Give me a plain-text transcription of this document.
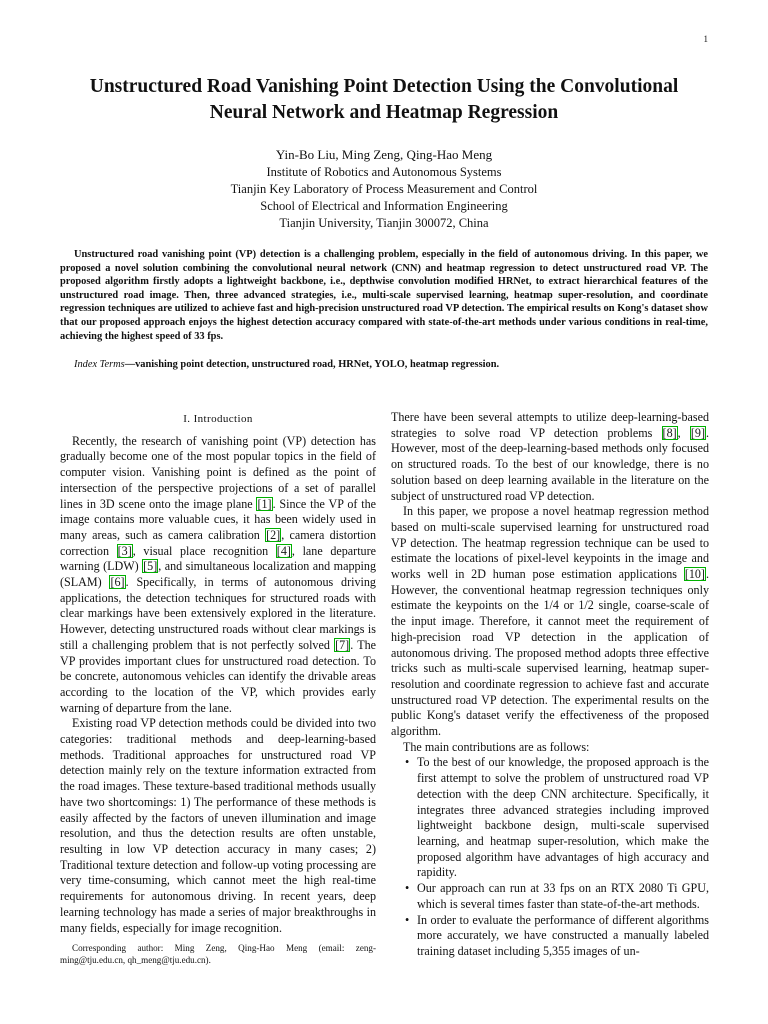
1
Unstructured Road Vanishing Point Detection Using the Convolutional Neural Network and Heatmap Regression
Yin-Bo Liu, Ming Zeng, Qing-Hao Meng
Institute of Robotics and Autonomous Systems
Tianjin Key Laboratory of Process Measurement and Control
School of Electrical and Information Engineering
Tianjin University, Tianjin 300072, China
Unstructured road vanishing point (VP) detection is a challenging problem, especially in the field of autonomous driving. In this paper, we proposed a novel solution combining the convolutional neural network (CNN) and heatmap regression to detect unstructured road VP. The proposed algorithm firstly adopts a lightweight backbone, i.e., depthwise convolution modified HRNet, to extract hierarchical features of the unstructured road image. Then, three advanced strategies, i.e., multi-scale supervised learning, heatmap super-resolution, and coordinate regression techniques are utilized to achieve fast and high-precision unstructured road VP detection. The empirical results on Kong's dataset show that our proposed approach enjoys the highest detection accuracy compared with state-of-the-art methods under various conditions in real-time, achieving the highest speed of 33 fps.
Index Terms—vanishing point detection, unstructured road, HRNet, YOLO, heatmap regression.
I. Introduction

Recently, the research of vanishing point (VP) detection has gradually become one of the most popular topics in the field of computer vision. Vanishing point is defined as the point of intersection of the perspective projections of a set of parallel lines in 3D scene onto the image plane [1]. Since the VP of the image contains more valuable cues, it has been widely used in many areas, such as camera calibration [2], camera distortion correction [3], visual place recognition [4], lane departure warning (LDW) [5], and simultaneous localization and mapping (SLAM) [6]. Specifically, in terms of autonomous driving applications, the detection techniques for structured roads with clear markings have been extensively explored in the literature. However, detecting unstructured roads without clear markings is still a challenging problem that is not perfectly solved [7]. The VP provides important clues for unstructured road detection. To be concrete, autonomous vehicles can identify the drivable areas according to the location of the VP, which provides early warning of departure from the lane.

Existing road VP detection methods could be divided into two categories: traditional methods and deep-learning-based methods. Traditional approaches for unstructured road VP detection mainly rely on the texture information extracted from the road images. These texture-based traditional methods usually have two shortcomings: 1) The performance of these methods is easily affected by the factors of uneven illumination and image resolution, and thus the detection results are often unstable, resulting in low VP detection accuracy in many cases; 2) Traditional texture detection and follow-up voting processing are very time-consuming, which cannot meet the high real-time requirements for autonomous driving. In recent years, deep learning technology has made a series of major breakthroughs in many fields, especially for image recognition.

There have been several attempts to utilize deep-learning-based strategies to solve road VP detection problems [8], [9]. However, most of the deep-learning-based methods only focused on structured roads. To the best of our knowledge, there is no solution based on deep learning available in the literature on the subject of unstructured road VP detection.

In this paper, we propose a novel heatmap regression method based on multi-scale supervised learning for unstructured road VP detection. The heatmap regression technique can be used to estimate the locations of pixel-level keypoints in the image and works well in 2D human pose estimation applications [10]. However, the conventional heatmap regression techniques only estimate the keypoints on the 1/4 or 1/2 single, coarse-scale of the input image. Therefore, it cannot meet the requirement of high-precision road VP detection in the application of autonomous driving. The proposed method adopts three effective tricks such as multi-scale supervised learning, heatmap super-resolution and coordinate regression to achieve fast and accurate unstructured road VP detection. The experimental results on the public Kong's dataset verify the effectiveness of the proposed algorithm.

The main contributions are as follows:

• To the best of our knowledge, the proposed approach is the first attempt to solve the problem of unstructured road VP detection with the deep CNN architecture. Specifically, it integrates three advanced strategies including improved lightweight backbone design, multi-scale supervised learning, and heatmap super-resolution, which make the proposed algorithm have advantages of high accuracy and rapidity.
• Our approach can run at 33 fps on an RTX 2080 Ti GPU, which is several times faster than state-of-the-art methods.
• In order to evaluate the performance of different algorithms more accurately, we have constructed a manually labeled training dataset including 5,355 images of un-
Corresponding author: Ming Zeng, Qing-Hao Meng (email: zeng-ming@tju.edu.cn, qh_meng@tju.edu.cn).
